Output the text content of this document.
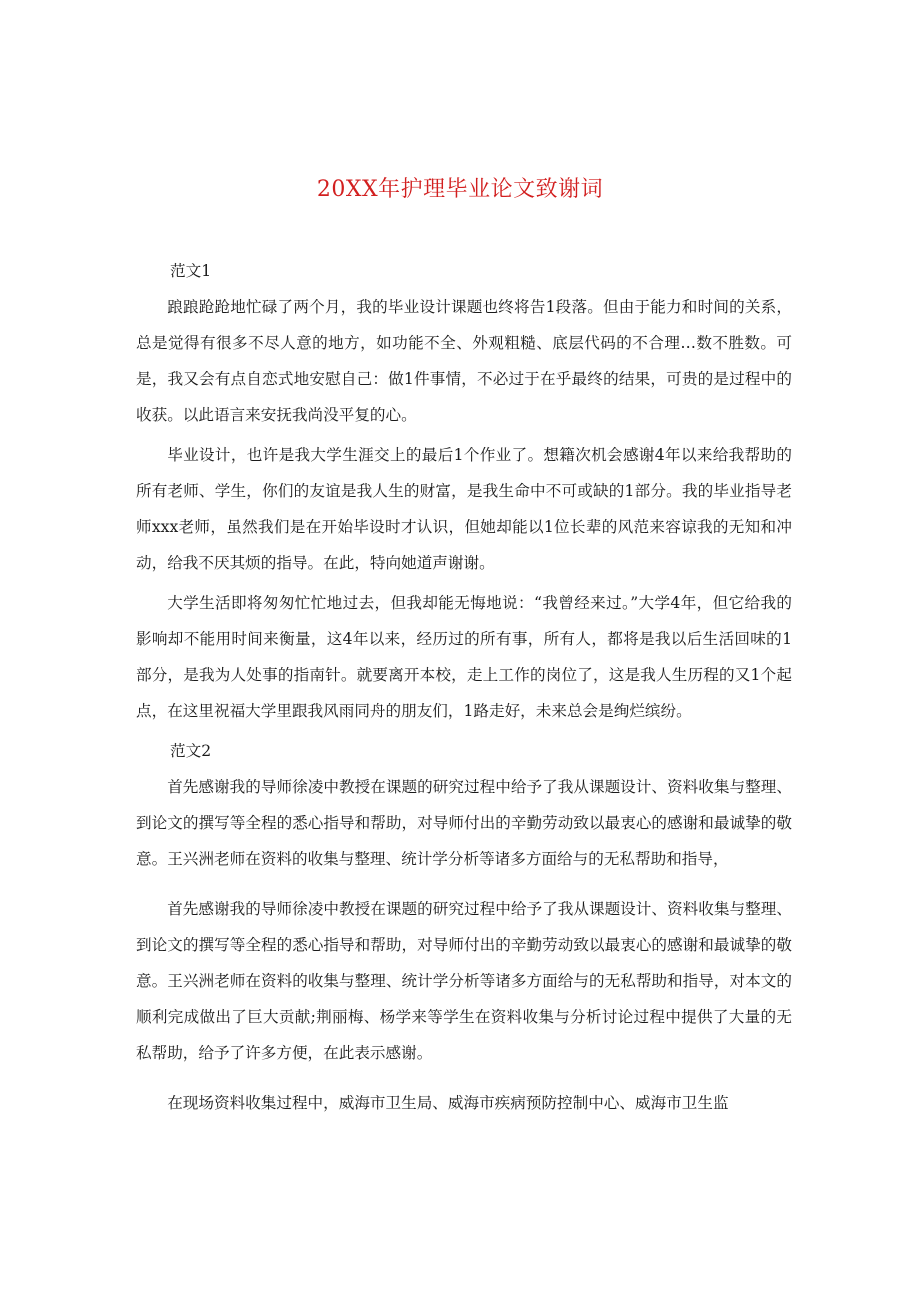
20XX年护理毕业论文致谢词
范文1

踉踉跄跄地忙碌了两个月，我的毕业设计课题也终将告1段落。但由于能力和时间的关系，总是觉得有很多不尽人意的地方，如功能不全、外观粗糙、底层代码的不合理…数不胜数。可是，我又会有点自恋式地安慰自己：做1件事情，不必过于在乎最终的结果，可贵的是过程中的收获。以此语言来安抚我尚没平复的心。

毕业设计，也许是我大学生涯交上的最后1个作业了。想籍次机会感谢4年以来给我帮助的所有老师、学生，你们的友谊是我人生的财富，是我生命中不可或缺的1部分。我的毕业指导老师xxx老师，虽然我们是在开始毕设时才认识，但她却能以1位长辈的风范来容谅我的无知和冲动，给我不厌其烦的指导。在此，特向她道声谢谢。

大学生活即将匆匆忙忙地过去，但我却能无悔地说：“我曾经来过。”大学4年，但它给我的影响却不能用时间来衡量，这4年以来，经历过的所有事，所有人，都将是我以后生活回味的1部分，是我为人处事的指南针。就要离开本校，走上工作的岗位了，这是我人生历程的又1个起点，在这里祝福大学里跟我风雨同舟的朋友们，1路走好，未来总会是绚烂缤纷。

范文2

首先感谢我的导师徐凌中教授在课题的研究过程中给予了我从课题设计、资料收集与整理、到论文的撰写等全程的悉心指导和帮助，对导师付出的辛勤劳动致以最衷心的感谢和最诚挚的敬意。王兴洲老师在资料的收集与整理、统计学分析等诸多方面给与的无私帮助和指导，

首先感谢我的导师徐凌中教授在课题的研究过程中给予了我从课题设计、资料收集与整理、到论文的撰写等全程的悉心指导和帮助，对导师付出的辛勤劳动致以最衷心的感谢和最诚挚的敬意。王兴洲老师在资料的收集与整理、统计学分析等诸多方面给与的无私帮助和指导，对本文的顺利完成做出了巨大贡献;荆丽梅、杨学来等学生在资料收集与分析讨论过程中提供了大量的无私帮助，给予了许多方便，在此表示感谢。

在现场资料收集过程中，威海市卫生局、威海市疾病预防控制中心、威海市卫生监
